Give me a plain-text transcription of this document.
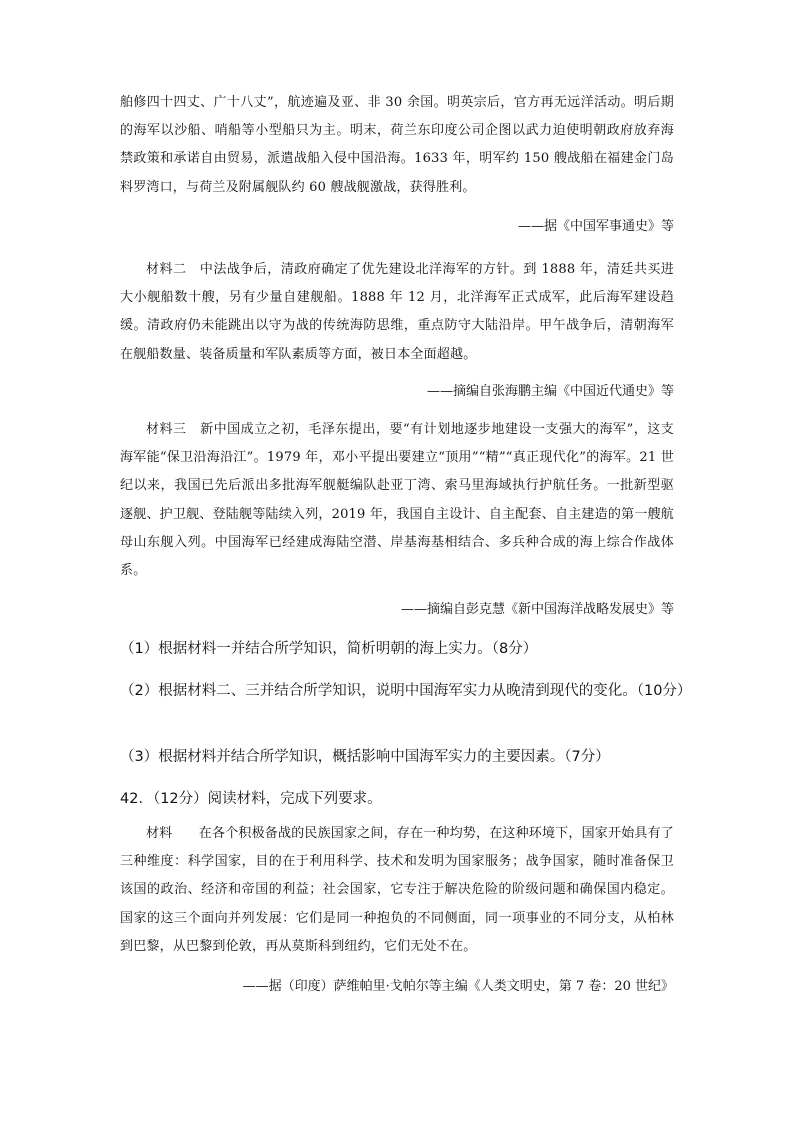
舶修四十四丈、广十八丈”，航迹遍及亚、非 30 余国。明英宗后，官方再无远洋活动。明后期的海军以沙船、哨船等小型船只为主。明末，荷兰东印度公司企图以武力迫使明朝政府放弃海禁政策和承诺自由贸易，派遣战船入侵中国沿海。1633 年，明军约 150 艘战船在福建金门岛料罗湾口，与荷兰及附属舰队约 60 艘战舰激战，获得胜利。

——据《中国军事通史》等

材料二　中法战争后，清政府确定了优先建设北洋海军的方针。到 1888 年，清廷共买进大小舰船数十艘，另有少量自建舰船。1888 年 12 月，北洋海军正式成军，此后海军建设趋缓。清政府仍未能跳出以守为战的传统海防思维，重点防守大陆沿岸。甲午战争后，清朝海军在舰船数量、装备质量和军队素质等方面，被日本全面超越。

——摘编自张海鹏主编《中国近代通史》等

材料三　新中国成立之初，毛泽东提出，要“有计划地逐步地建设一支强大的海军”，这支海军能“保卫沿海沿江”。1979 年，邓小平提出要建立“顶用”“精”“真正现代化”的海军。21 世纪以来，我国已先后派出多批海军舰艇编队赴亚丁湾、索马里海域执行护航任务。一批新型驱逐舰、护卫舰、登陆舰等陆续入列，2019 年，我国自主设计、自主配套、自主建造的第一艘航母山东舰入列。中国海军已经建成海陆空潜、岸基海基相结合、多兵种合成的海上综合作战体系。

——摘编自彭克慧《新中国海洋战略发展史》等

（1）根据材料一并结合所学知识，简析明朝的海上实力。（8分）

（2）根据材料二、三并结合所学知识，说明中国海军实力从晚清到现代的变化。（10分）

（3）根据材料并结合所学知识，概括影响中国海军实力的主要因素。（7分）

42．（12分）阅读材料，完成下列要求。

材料　　在各个积极备战的民族国家之间，存在一种均势，在这种环境下，国家开始具有了三种维度：科学国家，目的在于利用科学、技术和发明为国家服务；战争国家，随时准备保卫该国的政治、经济和帝国的利益；社会国家，它专注于解决危险的阶级问题和确保国内稳定。国家的这三个面向并列发展：它们是同一种抱负的不同侧面，同一项事业的不同分支，从柏林到巴黎，从巴黎到伦敦，再从莫斯科到纽约，它们无处不在。

——据（印度）萨维帕里·戈帕尔等主编《人类文明史，第 7 卷：20 世纪》
